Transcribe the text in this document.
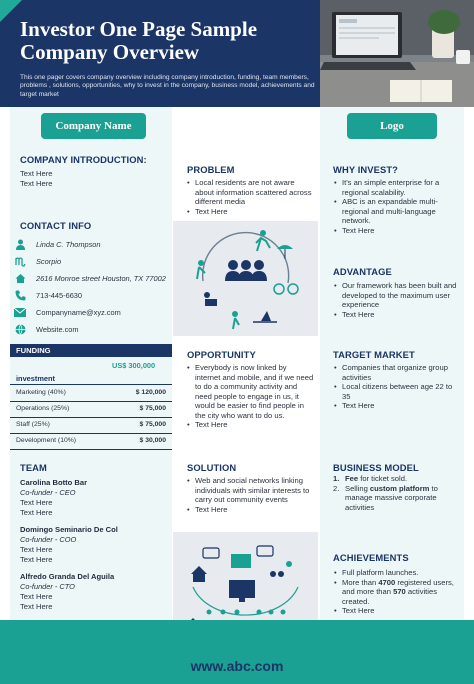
Investor One Page Sample
Company Overview
This one pager covers company overview including company introduction, funding, team members, problems , solutions, opportunities, why to invest in the company, business model, achievements and target market
Company Name	Logo
COMPANY INTRODUCTION:
Text Here
Text Here
CONTACT INFO
Linda C. Thompson
Scorpio
2616 Monroe street Houston, TX 77002
713-445-6630
Companyname@xyz.com
Website.com
FUNDING
US$ 300,000
investment
Marketing (40%)	$ 120,000
Operations (25%)	$ 75,000
Staff (25%)	$ 75,000
Development (10%)	$ 30,000
TEAM
Carolina Botto Bar
Co-funder - CEO
Text Here
Text Here
Domingo Seminario De Col
Co-funder - COO
Text Here
Text Here
Alfredo Granda Del Aguila
Co-funder - CTO
Text Here
Text Here
PROBLEM
• Local residents are not aware about information scattered across different media
• Text Here
OPPORTUNITY
• Everybody is now linked by internet and mobile, and if we need to do a community activity and need people to engage in us, it would be easier to find people in the city who want to do us.
• Text Here
SOLUTION
• Web and social networks linking individuals with similar interests to carry out community events
• Text Here
WHY INVEST?
• It's an simple enterprise for a regional scalability.
• ABC is an expandable multi-regional and multi-language network.
• Text Here
ADVANTAGE
• Our framework has been built and developed to the maximum user experience
• Text Here
TARGET MARKET
• Companies that organize group activities
• Local citizens between age 22 to 35
• Text Here
BUSINESS MODEL
1. Fee for ticket sold.
2. Selling custom platform to manage massive corporate activities
ACHIEVEMENTS
• Full platform launches.
• More than 4700 registered users, and more than 570 activities created.
• Text Here
www.abc.com
